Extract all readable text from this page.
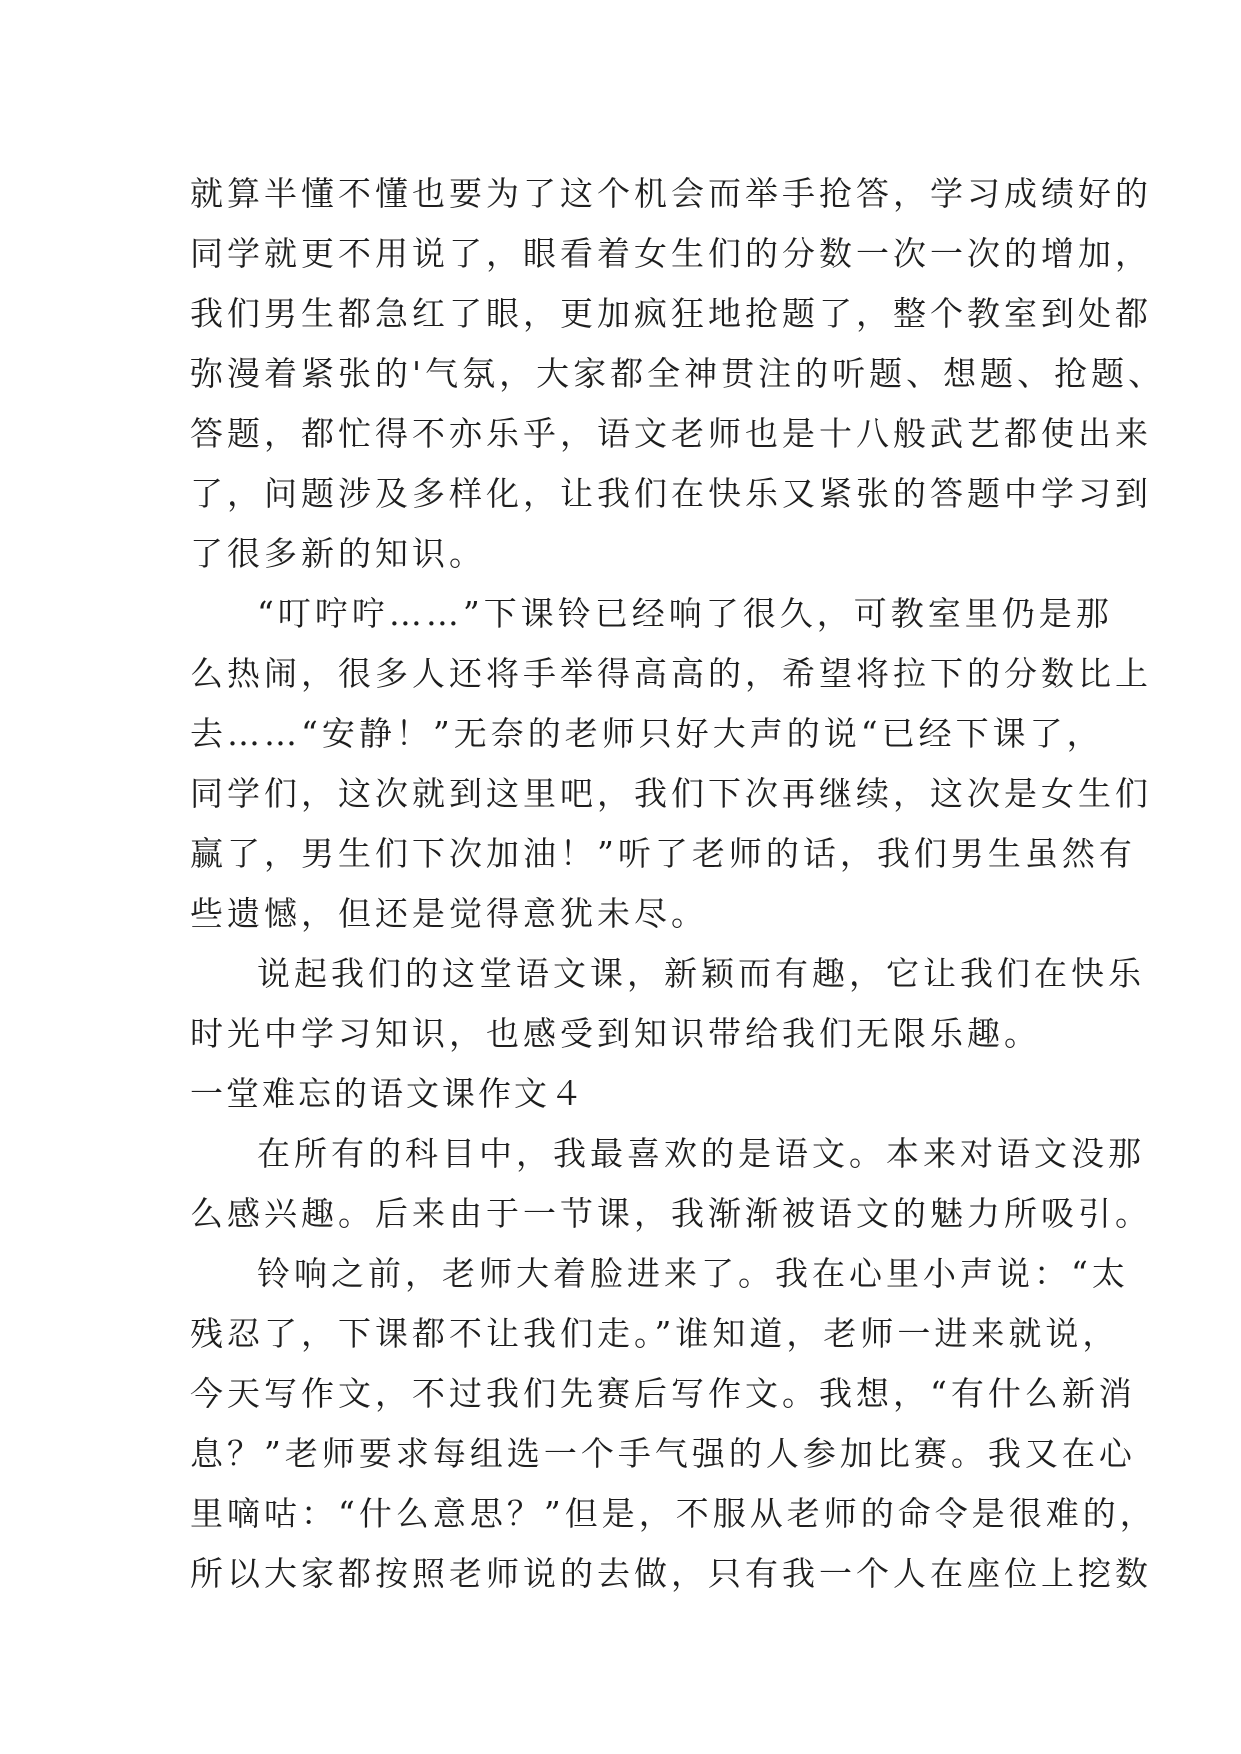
就算半懂不懂也要为了这个机会而举手抢答，学习成绩好的
同学就更不用说了，眼看着女生们的分数一次一次的增加，
我们男生都急红了眼，更加疯狂地抢题了，整个教室到处都
弥漫着紧张的'气氛，大家都全神贯注的听题、想题、抢题、
答题，都忙得不亦乐乎，语文老师也是十八般武艺都使出来
了，问题涉及多样化，让我们在快乐又紧张的答题中学习到
了很多新的知识。
“叮咛咛……”下课铃已经响了很久，可教室里仍是那
么热闹，很多人还将手举得高高的，希望将拉下的分数比上
去……“安静！”无奈的老师只好大声的说“已经下课了，
同学们，这次就到这里吧，我们下次再继续，这次是女生们
赢了，男生们下次加油！”听了老师的话，我们男生虽然有
些遗憾，但还是觉得意犹未尽。
说起我们的这堂语文课，新颖而有趣，它让我们在快乐
时光中学习知识，也感受到知识带给我们无限乐趣。
一堂难忘的语文课作文４
在所有的科目中，我最喜欢的是语文。本来对语文没那
么感兴趣。后来由于一节课，我渐渐被语文的魅力所吸引。
铃响之前，老师大着脸进来了。我在心里小声说：“太
残忍了，下课都不让我们走。”谁知道，老师一进来就说，
今天写作文，不过我们先赛后写作文。我想，“有什么新消
息？”老师要求每组选一个手气强的人参加比赛。我又在心
里嘀咕：“什么意思？”但是，不服从老师的命令是很难的，
所以大家都按照老师说的去做，只有我一个人在座位上挖数
